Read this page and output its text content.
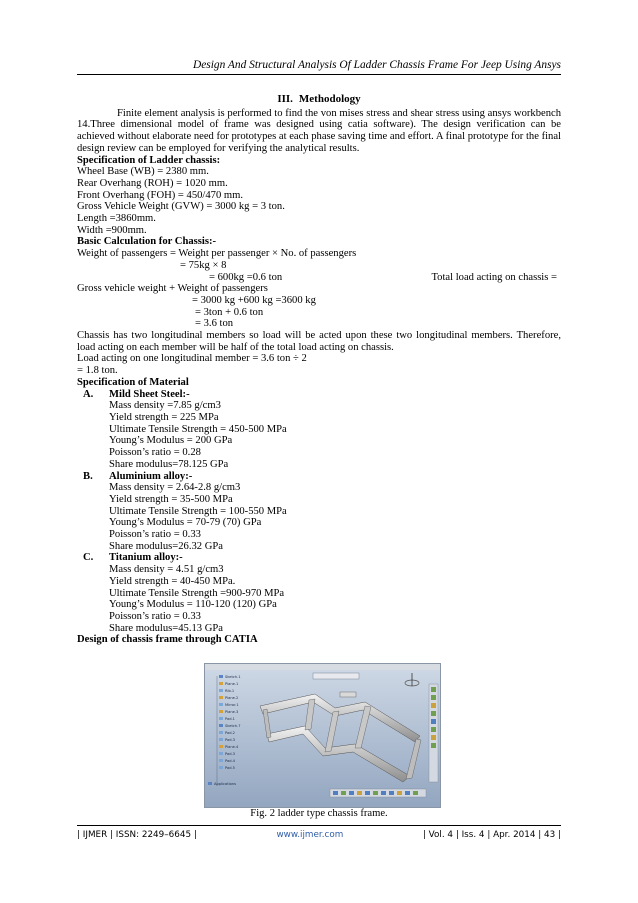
Design And Structural Analysis Of Ladder Chassis Frame For Jeep Using Ansys

III. Methodology

Finite element analysis is performed to find the von mises stress and shear stress using ansys workbench 14.Three dimensional model of frame was designed using catia software). The design verification can be achieved without elaborate need for prototypes at each phase saving time and effort. A final prototype for the final design review can be employed for verifying the analytical results.

Specification of Ladder chassis:

Wheel Base (WB) = 2380 mm.

Rear Overhang (ROH) = 1020 mm.

Front Overhang (FOH) = 450/470 mm.

Gross Vehicle Weight (GVW) = 3000 kg = 3 ton.

Length =3860mm.

Width =900mm.

Basic Calculation for Chassis:-

Weight of passengers = Weight per passenger × No. of passengers

= 75kg × 8

= 600kg =0.6 ton	Total load acting on chassis =

Gross vehicle weight + Weight of passengers

= 3000 kg +600 kg =3600 kg

= 3ton + 0.6 ton

= 3.6 ton

Chassis has two longitudinal members so load will be acted upon these two longitudinal members. Therefore, load acting on each member will be half of the total load acting on chassis.

Load acting on one longitudinal member = 3.6 ton ÷ 2

= 1.8 ton.

Specification of Material

A.	Mild Sheet Steel:-

Mass density =7.85 g/cm3

Yield strength = 225 MPa

Ultimate Tensile Strength = 450-500 MPa

Young’s Modulus = 200 GPa

Poisson’s ratio = 0.28

Share modulus=78.125 GPa

B.	Aluminium alloy:-

Mass density = 2.64-2.8 g/cm3

Yield strength = 35-500 MPa

Ultimate Tensile Strength = 100-550 MPa

Young’s Modulus = 70-79 (70) GPa

Poisson’s ratio = 0.33

Share modulus=26.32 GPa

C.	Titanium alloy:-

Mass density = 4.51 g/cm3

Yield strength = 40-450 MPa.

Ultimate Tensile Strength =900-970 MPa

Young’s Modulus = 110-120 (120) GPa

Poisson’s ratio = 0.33

Share modulus=45.13 GPa

Design of chassis frame through CATIA

Sketch.1
Plane.1
Rib.1
Plane.2
Mirror.1
Plane.3
Pad.1
Sketch.7
Pad.2
Pad.3
Plane.4
Pad.3
Pad.4
Pad.5
Applications
Fig. 2 ladder type chassis frame.
| IJMER | ISSN: 2249–6645 |	www.ijmer.com	| Vol. 4 | Iss. 4 | Apr. 2014 | 43 |
